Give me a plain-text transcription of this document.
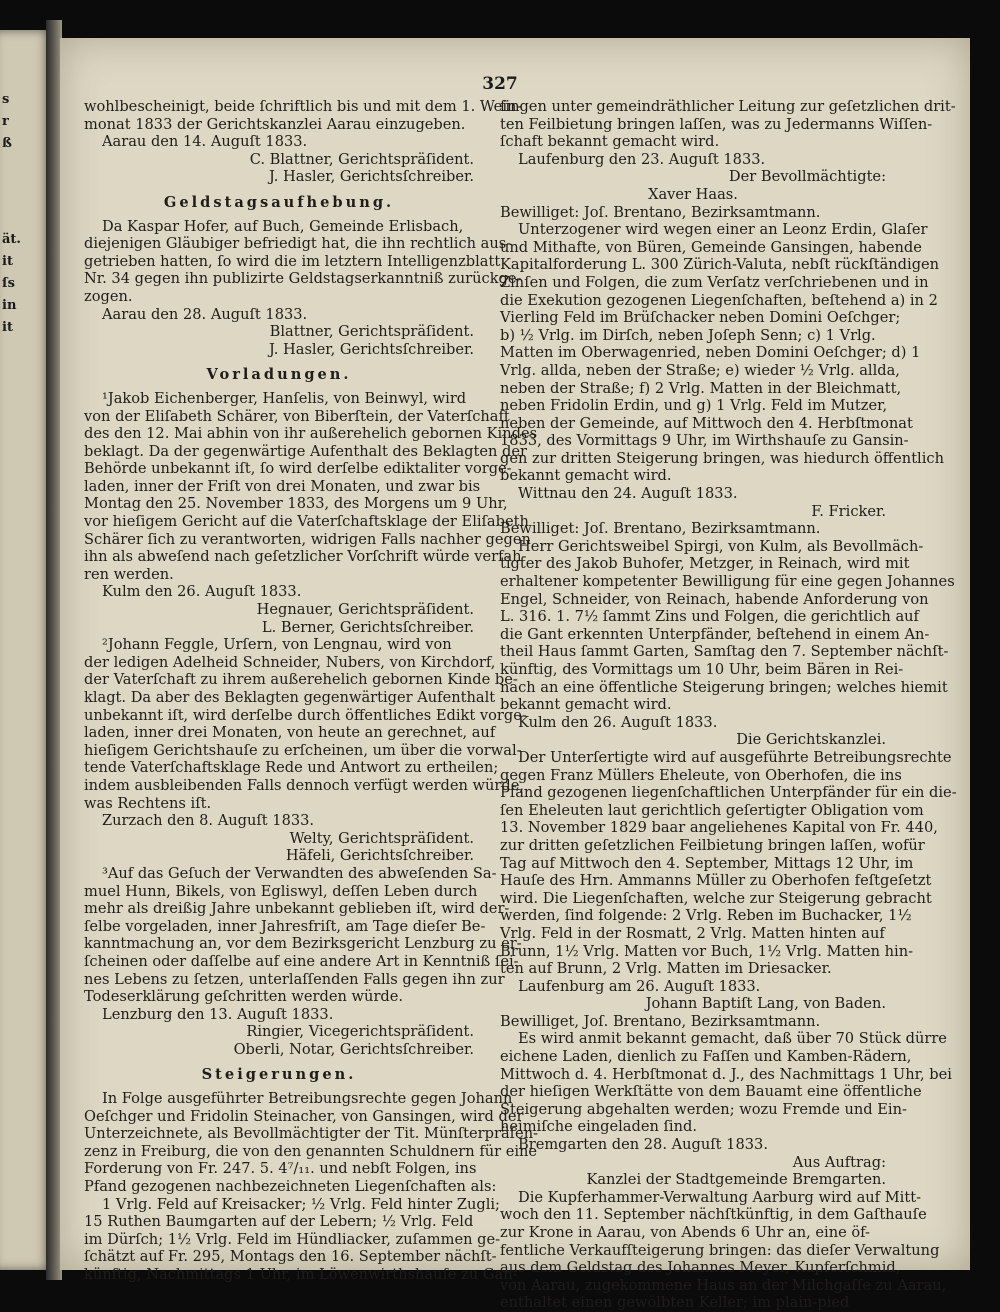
s
r
ß
ät.
it
ſs
in
it
327
wohlbescheinigt, beide ſchriftlich bis und mit dem 1. Wein-
monat 1833 der Gerichtskanzlei Aarau einzugeben.
Aarau den 14. Auguſt 1833.
C. Blattner, Gerichtspräſident.
J. Hasler, Gerichtsſchreiber.
Geldstagsaufhebung.
Da Kaspar Hofer, auf Buch, Gemeinde Erlisbach,
diejenigen Gläubiger befriedigt hat, die ihn rechtlich aus-
getrieben hatten, ſo wird die im letztern Intelligenzblatt
Nr. 34 gegen ihn publizirte Geldstagserkanntniß zurückge-
zogen.
Aarau den 28. Auguſt 1833.
Blattner, Gerichtspräſident.
J. Hasler, Gerichtsſchreiber.
Vorladungen.
¹Jakob Eichenberger, Hanſelis, von Beinwyl, wird
von der Eliſabeth Schärer, von Biberſtein, der Vaterſchaft
des den 12. Mai abhin von ihr außerehelich gebornen Kindes
beklagt. Da der gegenwärtige Aufenthalt des Beklagten der
Behörde unbekannt iſt, ſo wird derſelbe ediktaliter vorge-
laden, inner der Friſt von drei Monaten, und zwar bis
Montag den 25. November 1833, des Morgens um 9 Uhr,
vor hieſigem Gericht auf die Vaterſchaftsklage der Eliſabeth
Schärer ſich zu verantworten, widrigen Falls nachher gegen
ihn als abweſend nach geſetzlicher Vorſchrift würde verfah-
ren werden.
Kulm den 26. Auguſt 1833.
Hegnauer, Gerichtspräſident.
L. Berner, Gerichtsſchreiber.
²Johann Feggle, Urſern, von Lengnau, wird von
der ledigen Adelheid Schneider, Nubers, von Kirchdorf,
der Vaterſchaft zu ihrem außerehelich gebornen Kinde be-
klagt. Da aber des Beklagten gegenwärtiger Aufenthalt
unbekannt iſt, wird derſelbe durch öffentliches Edikt vorge-
laden, inner drei Monaten, von heute an gerechnet, auf
hieſigem Gerichtshauſe zu erſcheinen, um über die vorwal-
tende Vaterſchaftsklage Rede und Antwort zu ertheilen;
indem ausbleibenden Falls dennoch verfügt werden würde,
was Rechtens iſt.
Zurzach den 8. Auguſt 1833.
Welty, Gerichtspräſident.
Häfeli, Gerichtsſchreiber.
³Auf das Geſuch der Verwandten des abweſenden Sa-
muel Hunn, Bikels, von Egliswyl, deſſen Leben durch
mehr als dreißig Jahre unbekannt geblieben iſt, wird der-
ſelbe vorgeladen, inner Jahresfriſt, am Tage dieſer Be-
kanntmachung an, vor dem Bezirksgericht Lenzburg zu er-
ſcheinen oder daſſelbe auf eine andere Art in Kenntniß ſei-
nes Lebens zu ſetzen, unterlaſſenden Falls gegen ihn zur
Todeserklärung geſchritten werden würde.
Lenzburg den 13. Auguſt 1833.
Ringier, Vicegerichtspräſident.
Oberli, Notar, Gerichtsſchreiber.
Steigerungen.
In Folge ausgeführter Betreibungsrechte gegen Johann
Oeſchger und Fridolin Steinacher, von Gansingen, wird der
Unterzeichnete, als Bevollmächtigter der Tit. Münſterpräſen-
zenz in Freiburg, die von den genannten Schuldnern für eine
Forderung von Fr. 247. 5. 4⁷/₁₁. und nebſt Folgen, ins
Pfand gezogenen nachbezeichneten Liegenſchaften als:
1 Vrlg. Feld auf Kreisacker; ½ Vrlg. Feld hinter Zugli;
15 Ruthen Baumgarten auf der Lebern; ½ Vrlg. Feld
im Dürſch; 1½ Vrlg. Feld im Hündliacker, zuſammen ge-
ſchätzt auf Fr. 295, Montags den 16. September nächſt-
künftig, Nachmittags 1 Uhr, im Löwenwirthshauſe zu Gan-
ſingen unter gemeindräthlicher Leitung zur geſetzlichen drit-
ten Feilbietung bringen laſſen, was zu Jedermanns Wiſſen-
ſchaft bekannt gemacht wird.
Laufenburg den 23. Auguſt 1833.
Der Bevollmächtigte:
Xaver Haas.
Bewilliget: Joſ. Brentano, Bezirksamtmann.
Unterzogener wird wegen einer an Leonz Erdin, Glaſer
und Mithafte, von Büren, Gemeinde Gansingen, habende
Kapitalforderung L. 300 Zürich-Valuta, nebſt rückſtändigen
Zinſen und Folgen, die zum Verſatz verſchriebenen und in
die Exekution gezogenen Liegenſchaften, beſtehend a) in 2
Vierling Feld im Brüſchacker neben Domini Oeſchger;
b) ½ Vrlg. im Dirſch, neben Joſeph Senn; c) 1 Vrlg.
Matten im Oberwagenried, neben Domini Oeſchger; d) 1
Vrlg. allda, neben der Straße; e) wieder ½ Vrlg. allda,
neben der Straße; f) 2 Vrlg. Matten in der Bleichmatt,
neben Fridolin Erdin, und g) 1 Vrlg. Feld im Mutzer,
neben der Gemeinde, auf Mittwoch den 4. Herbſtmonat
1833, des Vormittags 9 Uhr, im Wirthshauſe zu Gansin-
gen zur dritten Steigerung bringen, was hiedurch öffentlich
bekannt gemacht wird.
Wittnau den 24. Auguſt 1833.
F. Fricker.
Bewilliget: Joſ. Brentano, Bezirksamtmann.
Herr Gerichtsweibel Spirgi, von Kulm, als Bevollmäch-
tigter des Jakob Buhofer, Metzger, in Reinach, wird mit
erhaltener kompetenter Bewilligung für eine gegen Johannes
Engel, Schneider, von Reinach, habende Anforderung von
L. 316. 1. 7½ ſammt Zins und Folgen, die gerichtlich auf
die Gant erkennten Unterpfänder, beſtehend in einem An-
theil Haus ſammt Garten, Samſtag den 7. September nächſt-
künftig, des Vormittags um 10 Uhr, beim Bären in Rei-
nach an eine öffentliche Steigerung bringen; welches hiemit
bekannt gemacht wird.
Kulm den 26. Auguſt 1833.
Die Gerichtskanzlei.
Der Unterſertigte wird auf ausgeführte Betreibungsrechte
gegen Franz Müllers Eheleute, von Oberhofen, die ins
Pfand gezogenen liegenſchaftlichen Unterpfänder für ein die-
ſen Eheleuten laut gerichtlich geſertigter Obligation vom
13. November 1829 baar angeliehenes Kapital von Fr. 440,
zur dritten geſetzlichen Feilbietung bringen laſſen, wofür
Tag auf Mittwoch den 4. September, Mittags 12 Uhr, im
Hauſe des Hrn. Ammanns Müller zu Oberhofen feſtgeſetzt
wird. Die Liegenſchaften, welche zur Steigerung gebracht
werden, ſind folgende: 2 Vrlg. Reben im Buchacker, 1½
Vrlg. Feld in der Rosmatt, 2 Vrlg. Matten hinten auf
Brunn, 1½ Vrlg. Matten vor Buch, 1½ Vrlg. Matten hin-
ten auf Brunn, 2 Vrlg. Matten im Driesacker.
Laufenburg am 26. Auguſt 1833.
Johann Baptiſt Lang, von Baden.
Bewilliget, Joſ. Brentano, Bezirksamtmann.
Es wird anmit bekannt gemacht, daß über 70 Stück dürre
eichene Laden, dienlich zu Faſſen und Kamben-Rädern,
Mittwoch d. 4. Herbſtmonat d. J., des Nachmittags 1 Uhr, bei
der hieſigen Werkſtätte von dem Bauamt eine öffentliche
Steigerung abgehalten werden; wozu Fremde und Ein-
heimiſche eingeladen ſind.
Bremgarten den 28. Auguſt 1833.
Aus Auftrag:
Kanzlei der Stadtgemeinde Bremgarten.
Die Kupferhammer-Verwaltung Aarburg wird auf Mitt-
woch den 11. September nächſtkünftig, in dem Gaſthauſe
zur Krone in Aarau, von Abends 6 Uhr an, eine öf-
fentliche Verkaufſteigerung bringen: das dieſer Verwaltung
aus dem Geldstag des Johannes Meyer, Kupferſchmid,
von Aarau, zugekommene Haus an der Milchgaſſe zu Aarau,
enthaltet einen gewölbten Keller; im plain-pied
